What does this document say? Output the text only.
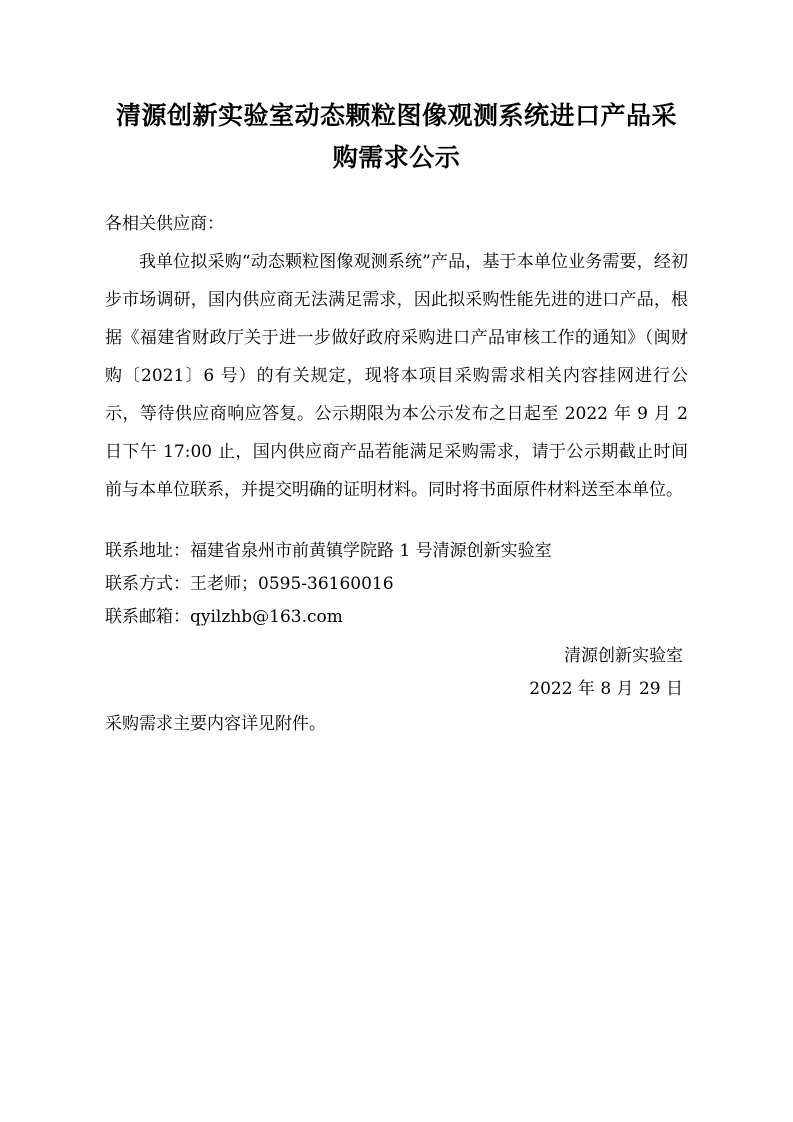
清源创新实验室动态颗粒图像观测系统进口产品采购需求公示

各相关供应商：

我单位拟采购“动态颗粒图像观测系统”产品，基于本单位业务需要，经初步市场调研，国内供应商无法满足需求，因此拟采购性能先进的进口产品，根据《福建省财政厅关于进一步做好政府采购进口产品审核工作的通知》（闽财购〔2021〕6 号）的有关规定，现将本项目采购需求相关内容挂网进行公示，等待供应商响应答复。公示期限为本公示发布之日起至 2022 年 9 月 2 日下午 17:00 止，国内供应商产品若能满足采购需求，请于公示期截止时间前与本单位联系，并提交明确的证明材料。同时将书面原件材料送至本单位。

联系地址：福建省泉州市前黄镇学院路 1 号清源创新实验室

联系方式：王老师；0595-36160016

联系邮箱：qyilzhb@163.com

清源创新实验室

2022 年 8 月 29 日

采购需求主要内容详见附件。
